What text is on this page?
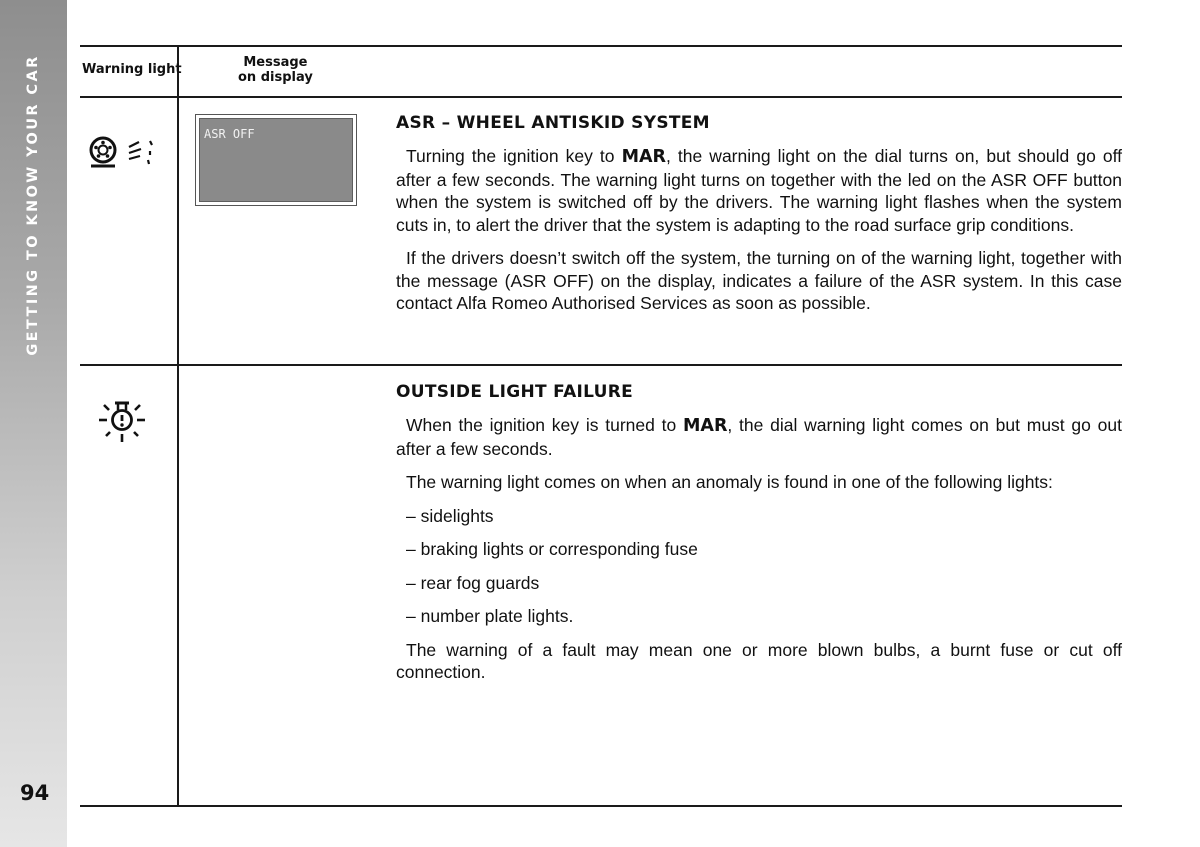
GETTING TO KNOW YOUR CAR
94
Warning light	Message
on display
ASR OFF
ASR – WHEEL ANTISKID SYSTEM

Turning the ignition key to MAR, the warning light on the dial turns on, but should go off after a few seconds. The warning light turns on together with the led on the ASR OFF button when the system is switched off by the drivers. The warning light flashes when the system cuts in, to alert the driver that the system is adapting to the road surface grip conditions.

If the drivers doesn’t switch off the system, the turning on of the warning light, together with the message (ASR OFF) on the display, indicates a failure of the ASR system. In this case contact Alfa Romeo Authorised Services as soon as possible.

OUTSIDE LIGHT FAILURE

When the ignition key is turned to MAR, the dial warning light comes on but must go out after a few seconds.

The warning light comes on when an anomaly is found in one of the following lights:

– sidelights

– braking lights or corresponding fuse

– rear fog guards

– number plate lights.

The warning of a fault may mean one or more blown bulbs, a burnt fuse or cut off connection.
